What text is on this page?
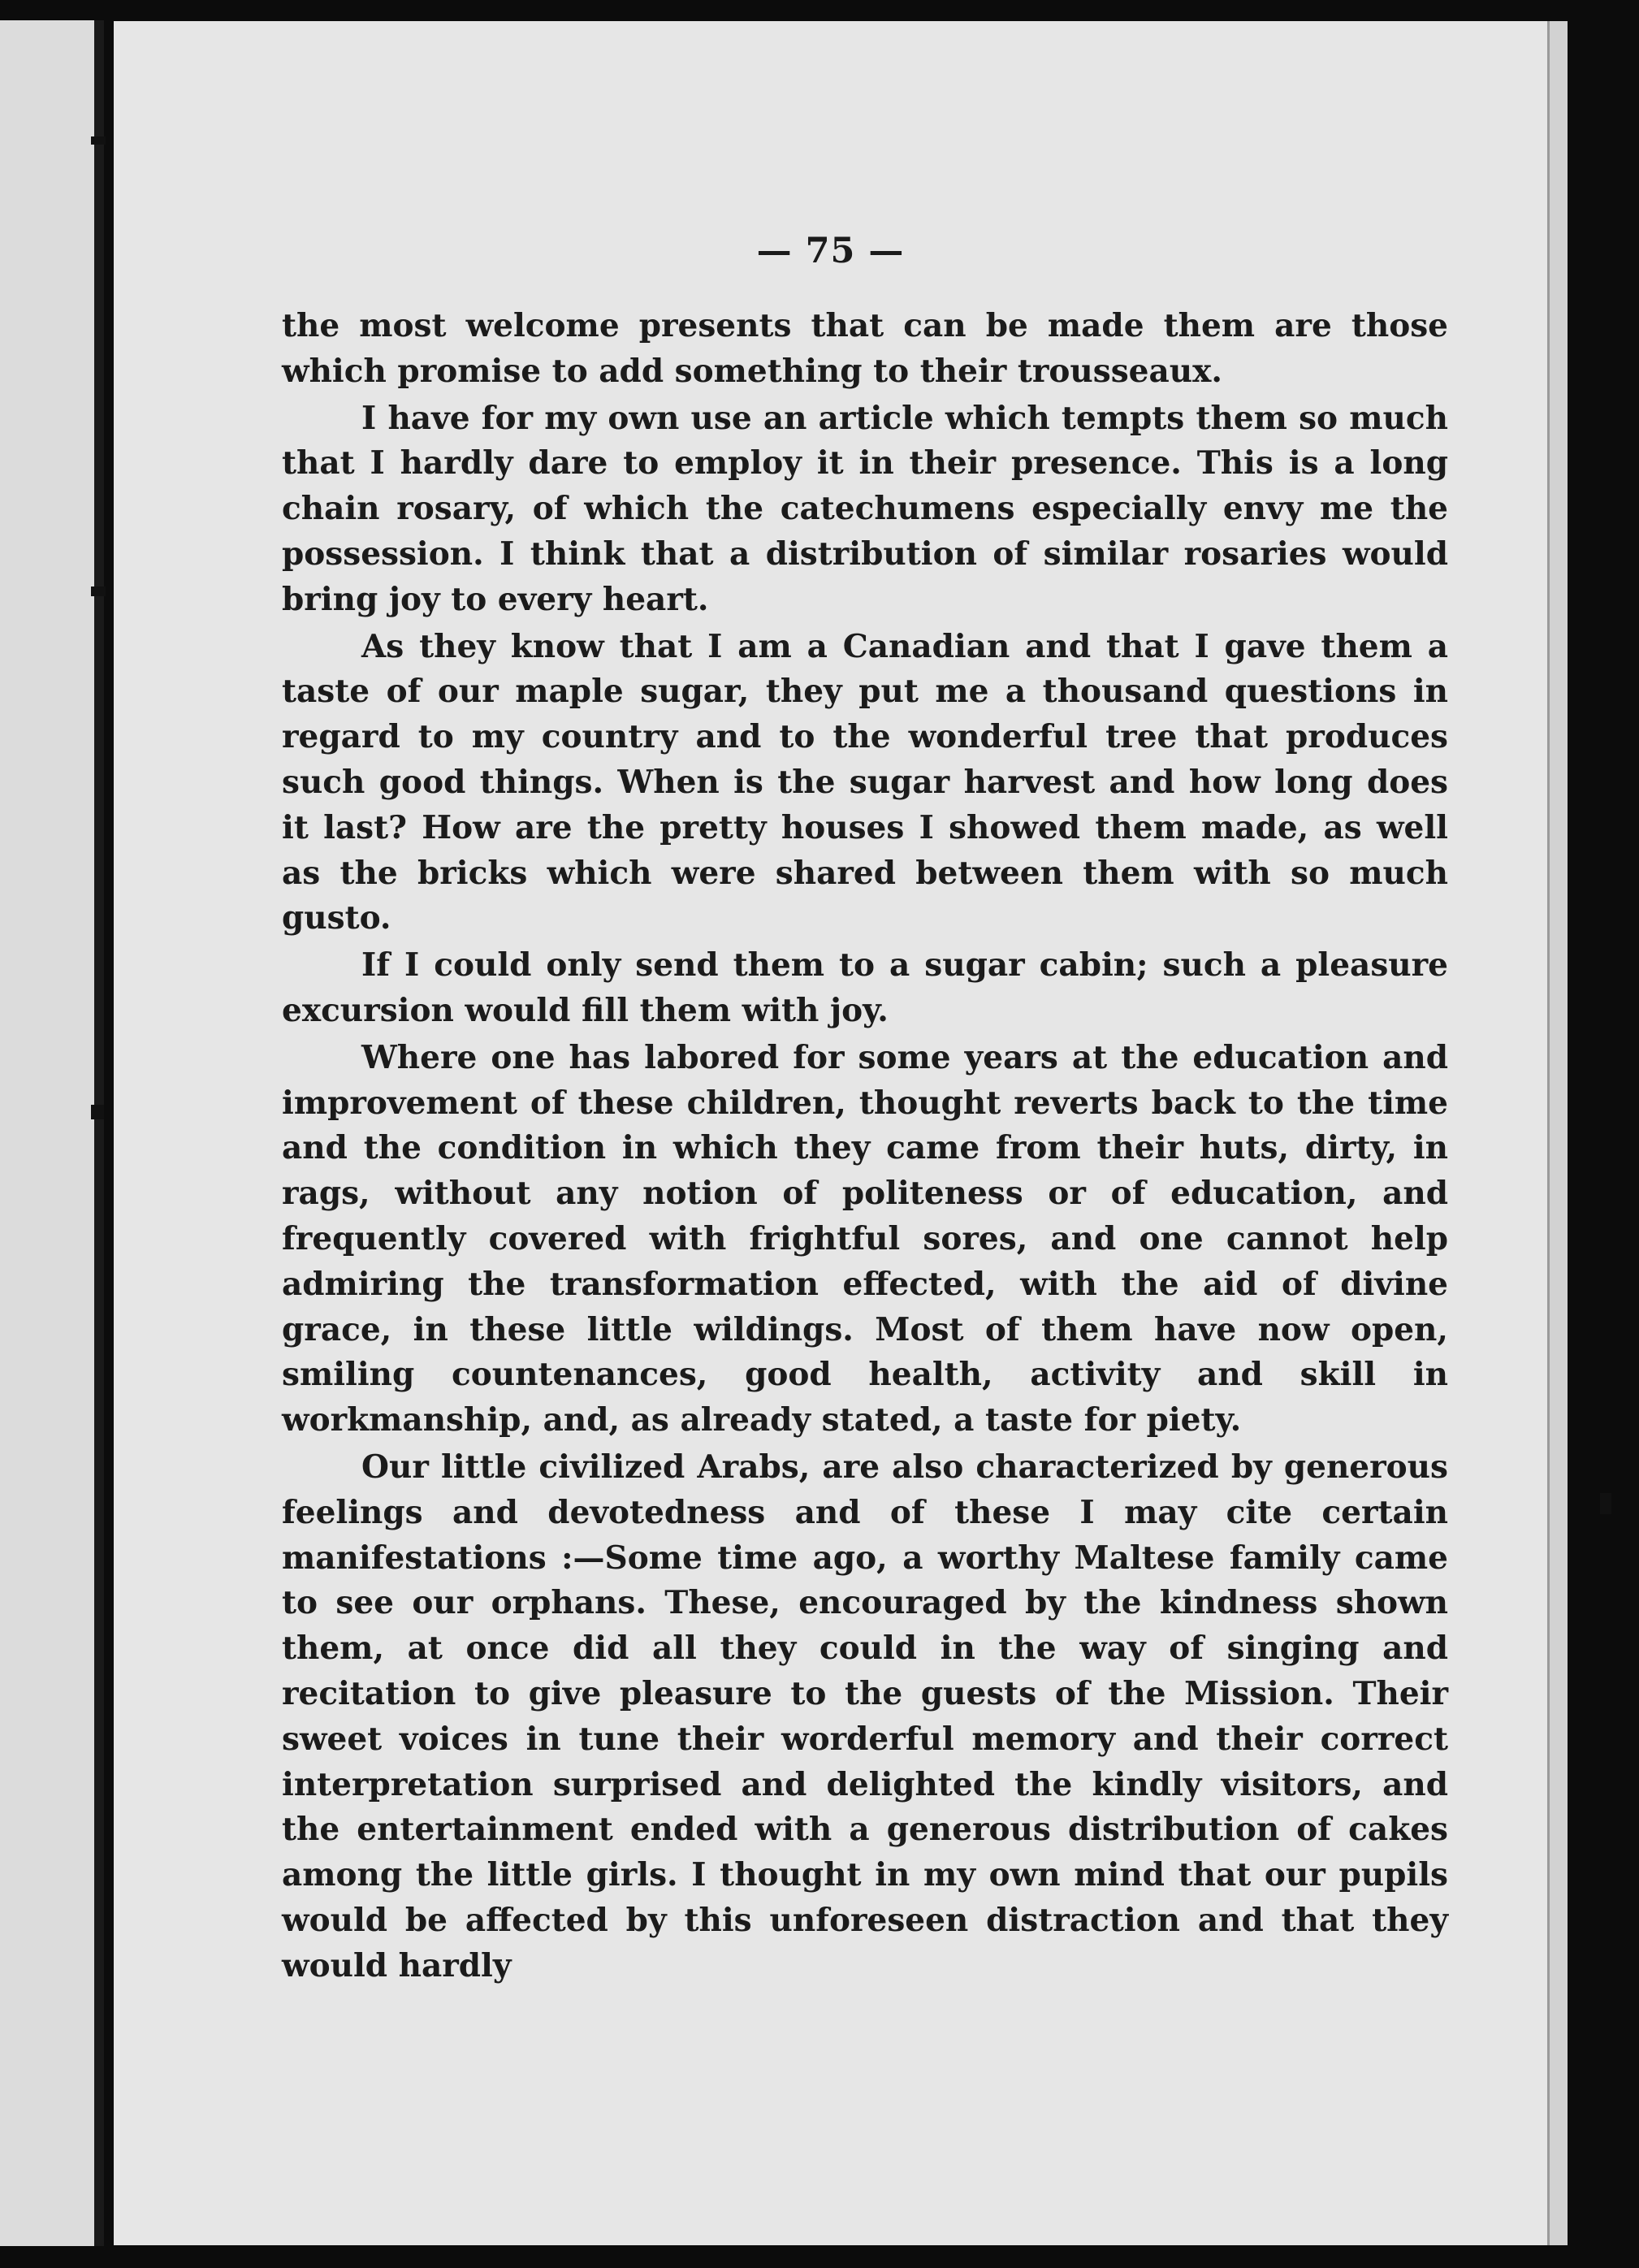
— 75 —

the most welcome presents that can be made them are those which promise to add something to their trousseaux.

I have for my own use an article which tempts them so much that I hardly dare to employ it in their presence. This is a long chain rosary, of which the catechumens especially envy me the possession. I think that a distribution of similar rosaries would bring joy to every heart.

As they know that I am a Canadian and that I gave them a taste of our maple sugar, they put me a thousand questions in regard to my country and to the wonderful tree that produces such good things. When is the sugar harvest and how long does it last? How are the pretty houses I showed them made, as well as the bricks which were shared between them with so much gusto.

If I could only send them to a sugar cabin; such a pleasure excursion would fill them with joy.

Where one has labored for some years at the education and improvement of these children, thought reverts back to the time and the condition in which they came from their huts, dirty, in rags, without any notion of politeness or of education, and frequently covered with frightful sores, and one cannot help admiring the transformation effected, with the aid of divine grace, in these little wildings. Most of them have now open, smiling countenances, good health, activity and skill in workmanship, and, as already stated, a taste for piety.

Our little civilized Arabs, are also characterized by generous feelings and devotedness and of these I may cite certain manifestations :—Some time ago, a worthy Maltese family came to see our orphans. These, encouraged by the kindness shown them, at once did all they could in the way of singing and recitation to give pleasure to the guests of the Mission. Their sweet voices in tune their worderful memory and their correct interpretation surprised and delighted the kindly visitors, and the entertainment ended with a generous distribution of cakes among the little girls. I thought in my own mind that our pupils would be affected by this unforeseen distraction and that they would hardly
